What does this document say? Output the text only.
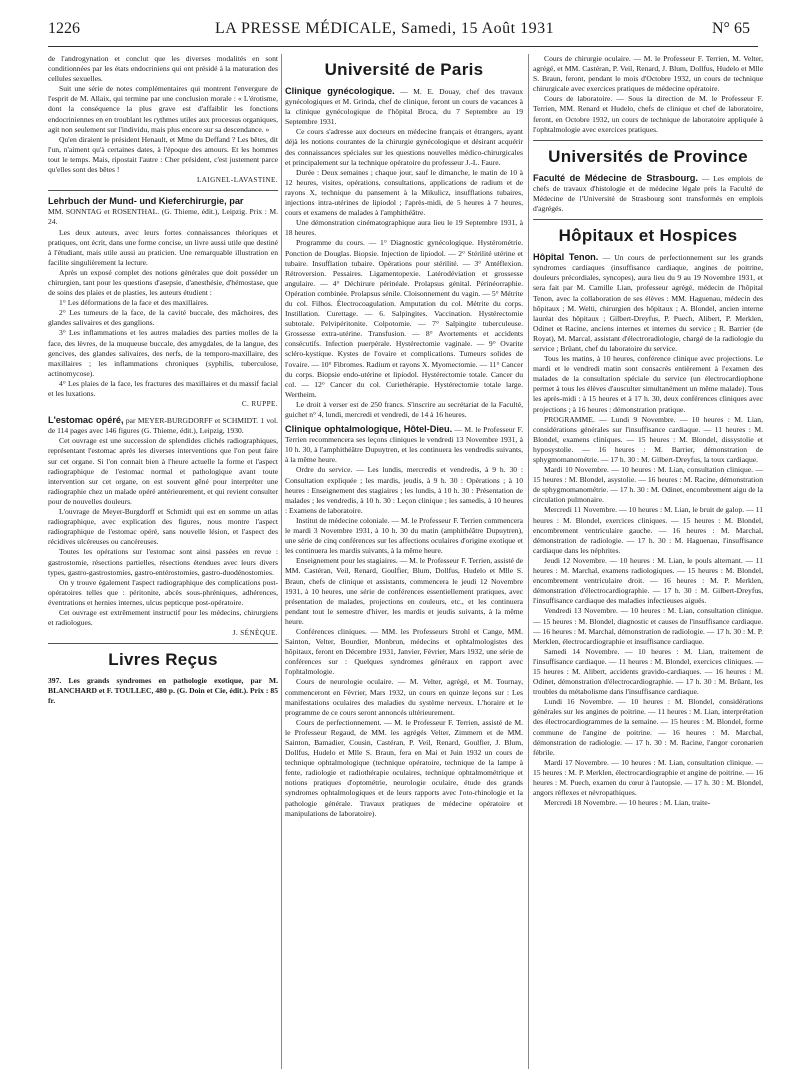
1226	LA PRESSE MÉDICALE, Samedi, 15 Août 1931	N° 65

de l'androgynation et conclut que les diverses modalités en sont conditionnées par les états endocriniens qui ont présidé à la maturation des cellules sexuelles.

Suit une série de notes complémentaires qui montrent l'envergure de l'esprit de M. Allaix, qui termine par une conclusion morale : « L'érotisme, dont la conséquence la plus grave est d'affaiblir les fonctions endocriniennes en en troublant les rythmes utiles aux processus organiques, agit non seulement sur l'individu, mais plus encore sur sa descendance. »

Qu'en diraient le président Henault, et Mme du Deffand ? Les bêtes, dit l'un, n'aiment qu'à certaines dates, à l'époque des amours. Et les hommes tout le temps. Mais, ripostait l'autre : Cher président, c'est justement parce qu'elles sont des bêtes !

LAIGNEL-LAVASTINE.

Lehrbuch der Mund- und Kieferchirurgie, par

MM. SONNTAG et ROSENTHAL. (G. Thieme, édit.), Leipzig. Prix : M. 24.

Les deux auteurs, avec leurs fortes connaissances théoriques et pratiques, ont écrit, dans une forme concise, un livre aussi utile que destiné à l'étudiant, mais utile aussi au praticien. Une remarquable illustration en facilite singulièrement la lecture.

Après un exposé complet des notions générales que doit posséder un chirurgien, tant pour les questions d'asepsie, d'anesthésie, d'hémostase, que de soins des plaies et de plasties, les auteurs étudient :

1° Les déformations de la face et des maxillaires.

2° Les tumeurs de la face, de la cavité buccale, des mâchoires, des glandes salivaires et des ganglions.

3° Les inflammations et les autres maladies des parties molles de la face, des lèvres, de la muqueuse buccale, des amygdales, de la langue, des gencives, des glandes salivaires, des nerfs, de la temporo-maxillaire, des maxillaires ; les inflammations chroniques (syphilis, tuberculose, actinomycose).

4° Les plaies de la face, les fractures des maxillaires et du massif facial et les luxations.

C. RUPPE.

L'estomac opéré, par MEYER-BURGDORFF et SCHMIDT. 1 vol. de 114 pages avec 146 figures (G. Thieme, édit.), Leipzig, 1930.

Cet ouvrage est une succession de splendides clichés radiographiques, représentant l'estomac après les diverses interventions que l'on peut faire sur cet organe. Si l'on connait bien à l'heure actuelle la forme et l'aspect radiographique de l'estomac normal et pathologique avant toute intervention sur cet organe, on est souvent gêné pour interpréter une radiographie chez un malade opéré antérieurement, et qui revient consulter pour de nouvelles douleurs.

L'ouvrage de Meyer-Burgdorff et Schmidt qui est en somme un atlas radiographique, avec explication des figures, nous montre l'aspect radiographique de l'estomac opéré, sans nouvelle lésion, et l'aspect des récidives ulcéreuses ou cancéreuses.

Toutes les opérations sur l'estomac sont ainsi passées en revue : gastrostomie, résections partielles, résections étendues avec leurs divers types, gastro-gastrostomies, gastro-entérostomies, gastro-duodénostomies.

On y trouve également l'aspect radiographique des complications post-opératoires telles que : péritonite, abcès sous-phréniques, adhérences, éventrations et hernies internes, ulcus pepticque post-opératoire.

Cet ouvrage est extrêmement instructif pour les médecins, chirurgiens et radiologues.

J. SÉNÈQUE.

Livres Reçus

397. Les grands syndromes en pathologie exotique, par M. BLANCHARD et F. TOULLEC, 480 p. (G. Doin et Cie, édit.). Prix : 85 fr.

Université de Paris

Clinique gynécologique. — M. E. Douay, chef des travaux gynécologiques et M. Grinda, chef de clinique, feront un cours de vacances à la clinique gynécologique de l'hôpital Broca, du 7 Septembre au 19 Septembre 1931.

Ce cours s'adresse aux docteurs en médecine français et étrangers, ayant déjà les notions courantes de la chirurgie gynécologique et désirant acquérir des connaissances spéciales sur les questions nouvelles médico-chirurgicales et principalement sur la technique opératoire du professeur J.-L. Faure.

Durée : Deux semaines ; chaque jour, sauf le dimanche, le matin de 10 à 12 heures, visites, opérations, consultations, applications de radium et de rayons X, technique du pansement à la Mikulicz, insufflations tubaires, injections intra-utérines de lipiodol ; l'après-midi, de 5 heures à 7 heures, cours et examens de malades à l'amphithéâtre.

Une démonstration cinématographique aura lieu le 19 Septembre 1931, à 18 heures.

Programme du cours. — 1° Diagnostic gynécologique. Hystérométrie. Ponction de Douglas. Biopsie. Injection de lipiodol. — 2° Stérilité utérine et tubaire. Insufflation tubaire. Opérations pour stérilité. — 3° Antéflexion. Rétroversion. Pessaires. Ligamentopexie. Latérodéviation et grossesse angulaire. — 4° Déchirure périnéale. Prolapsus génital. Périnéorraphie. Opération combinée. Prolapsus sénile. Cloisonnement du vagin. — 5° Métrite du col. Filhos. Électrocoagulation. Amputation du col. Métrite du corps. Instillation. Curettage. — 6. Salpingites. Vaccination. Hystérectomie subtotale. Pelvipéritonite. Colpotomie. — 7° Salpingite tuberculeuse. Grossesse extra-utérine. Transfusion. — 8° Avortements et accidents consécutifs. Infection puerpérale. Hystérectomie vaginale. — 9° Ovarite scléro-kystique. Kystes de l'ovaire et complications. Tumeurs solides de l'ovaire. — 10° Fibromes. Radium et rayons X. Myomectomie. — 11° Cancer du corps. Biopsie endo-utérine et lipiodol. Hystérectomie totale. Cancer du col. — 12° Cancer du col. Curiethérapie. Hystérectomie totale large. Wertheim.

Le droit à verser est de 250 francs. S'inscrire au secrétariat de la Faculté, guichet n° 4, lundi, mercredi et vendredi, de 14 à 16 heures.

Clinique ophtalmologique, Hôtel-Dieu. — M. le Professeur F. Terrien recommencera ses leçons cliniques le vendredi 13 Novembre 1931, à 10 h. 30, à l'amphithéâtre Dupuytren, et les continuera les vendredis suivants, à la même heure.

Ordre du service. — Les lundis, mercredis et vendredis, à 9 h. 30 : Consultation expliquée ; les mardis, jeudis, à 9 h. 30 : Opérations ; à 10 heures : Enseignement des stagiaires ; les lundis, à 10 h. 30 : Présentation de malades ; les vendredis, à 10 h. 30 : Leçon clinique ; les samedis, à 10 heures : Examens de laboratoire.

Institut de médecine coloniale. — M. le Professeur F. Terrien commencera le mardi 3 Novembre 1931, à 10 h. 30 du matin (amphithéâtre Dupuytren), une série de cinq conférences sur les affections oculaires d'origine exotique et les continuera les mardis suivants, à la même heure.

Enseignement pour les stagiaires. — M. le Professeur F. Terrien, assisté de MM. Castéran, Veil, Renard, Goulfier, Blum, Dollfus, Hudelo et Mlle S. Braun, chefs de clinique et assistants, commencera le jeudi 12 Novembre 1931, à 10 heures, une série de conférences essentiellement pratiques, avec présentation de malades, projections en couleurs, etc., et les continuera pendant tout le semestre d'hiver, les mardis et jeudis suivants, à la même heure.

Conférences cliniques. — MM. les Professeurs Strohl et Cange, MM. Sainton, Velter, Bourdier, Monbrun, médecins et ophtalmologistes des hôpitaux, feront en Décembre 1931, Janvier, Février, Mars 1932, une série de conférences sur : Quelques syndromes généraux en rapport avec l'ophtalmologie.

Cours de neurologie oculaire. — M. Velter, agrégé, et M. Tournay, commenceront en Février, Mars 1932, un cours en quinze leçons sur : Les manifestations oculaires des maladies du système nerveux. L'horaire et le programme de ce cours seront annoncés ultérieurement.

Cours de perfectionnement. — M. le Professeur F. Terrien, assisté de M. le Professeur Regaud, de MM. les agrégés Velter, Zimmern et de MM. Sainton, Bamadier, Cousin, Castéran, P. Veil, Renard, Goulfier, J. Blum, Dollfus, Hudelo et Mlle S. Braun, fera en Mai et Juin 1932 un cours de technique ophtalmologique (technique opératoire, technique de la lampe à fente, radiologie et radiothérapie oculaires, technique ophtalmométrique et notions pratiques d'optométrie, neurologie oculaire, étude des grands syndromes ophtalmologiques et de leurs rapports avec l'oto-rhinologie et la pathologie générale. Travaux pratiques de médecine opératoire et manipulations de laboratoire).

Cours de chirurgie oculaire. — M. le Professeur F. Terrien, M. Velter, agrégé, et MM. Castéran, P. Veil, Renard, J. Blum, Dollfus, Hudelo et Mlle S. Braun, feront, pendant le mois d'Octobre 1932, un cours de technique chirurgicale avec exercices pratiques de médecine opératoire.

Cours de laboratoire. — Sous la direction de M. le Professeur F. Terrien, MM. Renard et Hudelo, chefs de clinique et chef de laboratoire, feront, en Octobre 1932, un cours de technique de laboratoire appliquée à l'ophtalmologie avec exercices pratiques.

Universités de Province

Faculté de Médecine de Strasbourg. — Les emplois de chefs de travaux d'histologie et de médecine légale près la Faculté de Médecine de l'Université de Strasbourg sont transformés en emplois d'agrégés.

Hôpitaux et Hospices

Hôpital Tenon. — Un cours de perfectionnement sur les grands syndromes cardiaques (insuffisance cardiaque, angines de poitrine, douleurs précordiales, syncopes), aura lieu du 9 au 19 Novembre 1931, et sera fait par M. Camille Lian, professeur agrégé, médecin de l'hôpital Tenon, avec la collaboration de ses élèves : MM. Haguenau, médecin des hôpitaux ; M. Welti, chirurgien des hôpitaux ; A. Blondel, ancien interne lauréat des hôpitaux ; Gilbert-Dreyfus, P. Puech, Alibert, P. Merklen, Odinet et Racine, anciens internes et internes du service ; R. Barrier (de Royat), M. Marcal, assistant d'électroradiologie, chargé de la radiologie du service ; Brûant, chef du laboratoire du service.

Tous les matins, à 10 heures, conférence clinique avec projections. Le mardi et le vendredi matin sont consacrés entièrement à l'examen des malades de la consultation spéciale du service (un électrocardiophone permet à tous les élèves d'ausculter simultanément un même malade). Tous les après-midi : à 15 heures et à 17 h. 30, deux conférences cliniques avec projections ; à 16 heures : démonstration pratique.

PROGRAMME. — Lundi 9 Novembre. — 10 heures : M. Lian, considérations générales sur l'insuffisance cardiaque. — 11 heures : M. Blondel, examens cliniques. — 15 heures : M. Blondel, dissystolie et hyposystolie. — 16 heures : M. Barrier, démonstration de sphygmomanométrie. — 17 h. 30 : M. Gilbert-Dreyfus, la toux cardiaque.

Mardi 10 Novembre. — 10 heures : M. Lian, consultation clinique. — 15 heures : M. Blondel, asystolie. — 16 heures : M. Racine, démonstration de sphygmomanométrie. — 17 h. 30 : M. Odinet, encombrement aigu de la circulation pulmonaire.

Mercredi 11 Novembre. — 10 heures : M. Lian, le bruit de galop. — 11 heures : M. Blondel, exercices cliniques. — 15 heures : M. Blondel, encombrement ventriculaire gauche. — 16 heures : M. Marchal, démonstration de radiologie. — 17 h. 30 : M. Haguenau, l'insuffisance cardiaque dans les néphrites.

Jeudi 12 Novembre. — 10 heures : M. Lian, le pouls alternant. — 11 heures : M. Marchal, examens radiologiques. — 15 heures : M. Blondel, encombrement ventriculaire droit. — 16 heures : M. P. Merklen, démonstration d'électrocardiographie. — 17 h. 30 : M. Gilbert-Dreyfus, l'insuffisance cardiaque des maladies infectieuses aiguës.

Vendredi 13 Novembre. — 10 heures : M. Lian, consultation clinique. — 15 heures : M. Blondel, diagnostic et causes de l'insuffisance cardiaque. — 16 heures : M. Marchal, démonstration de radiologie. — 17 h. 30 : M. P. Merklen, électrocardiographie et insuffisance cardiaque.

Samedi 14 Novembre. — 10 heures : M. Lian, traitement de l'insuffisance cardiaque. — 11 heures : M. Blondel, exercices cliniques. — 15 heures : M. Alibert, accidents gravido-cardiaques. — 16 heures : M. Odinet, démonstration d'électrocardiographie. — 17 h. 30 : M. Brûant, les troubles du métabolisme dans l'insuffisance cardiaque.

Lundi 16 Novembre. — 10 heures : M. Blondel, considérations générales sur les angines de poitrine. — 11 heures : M. Lian, interprétation des électrocardiogrammes de la semaine. — 15 heures : M. Blondel, forme commune de l'angine de poitrine. — 16 heures : M. Marchal, démonstration de radiologie. — 17 h. 30 : M. Racine, l'angor coronarien fébrile.

Mardi 17 Novembre. — 10 heures : M. Lian, consultation clinique. — 15 heures : M. P. Merklen, électrocardiographie et angine de poitrine. — 16 heures : M. Puech, examen du cœur à l'autopsie. — 17 h. 30 : M. Blondel, angors réflexes et névropathiques.

Mercredi 18 Novembre. — 10 heures : M. Lian, traite-
